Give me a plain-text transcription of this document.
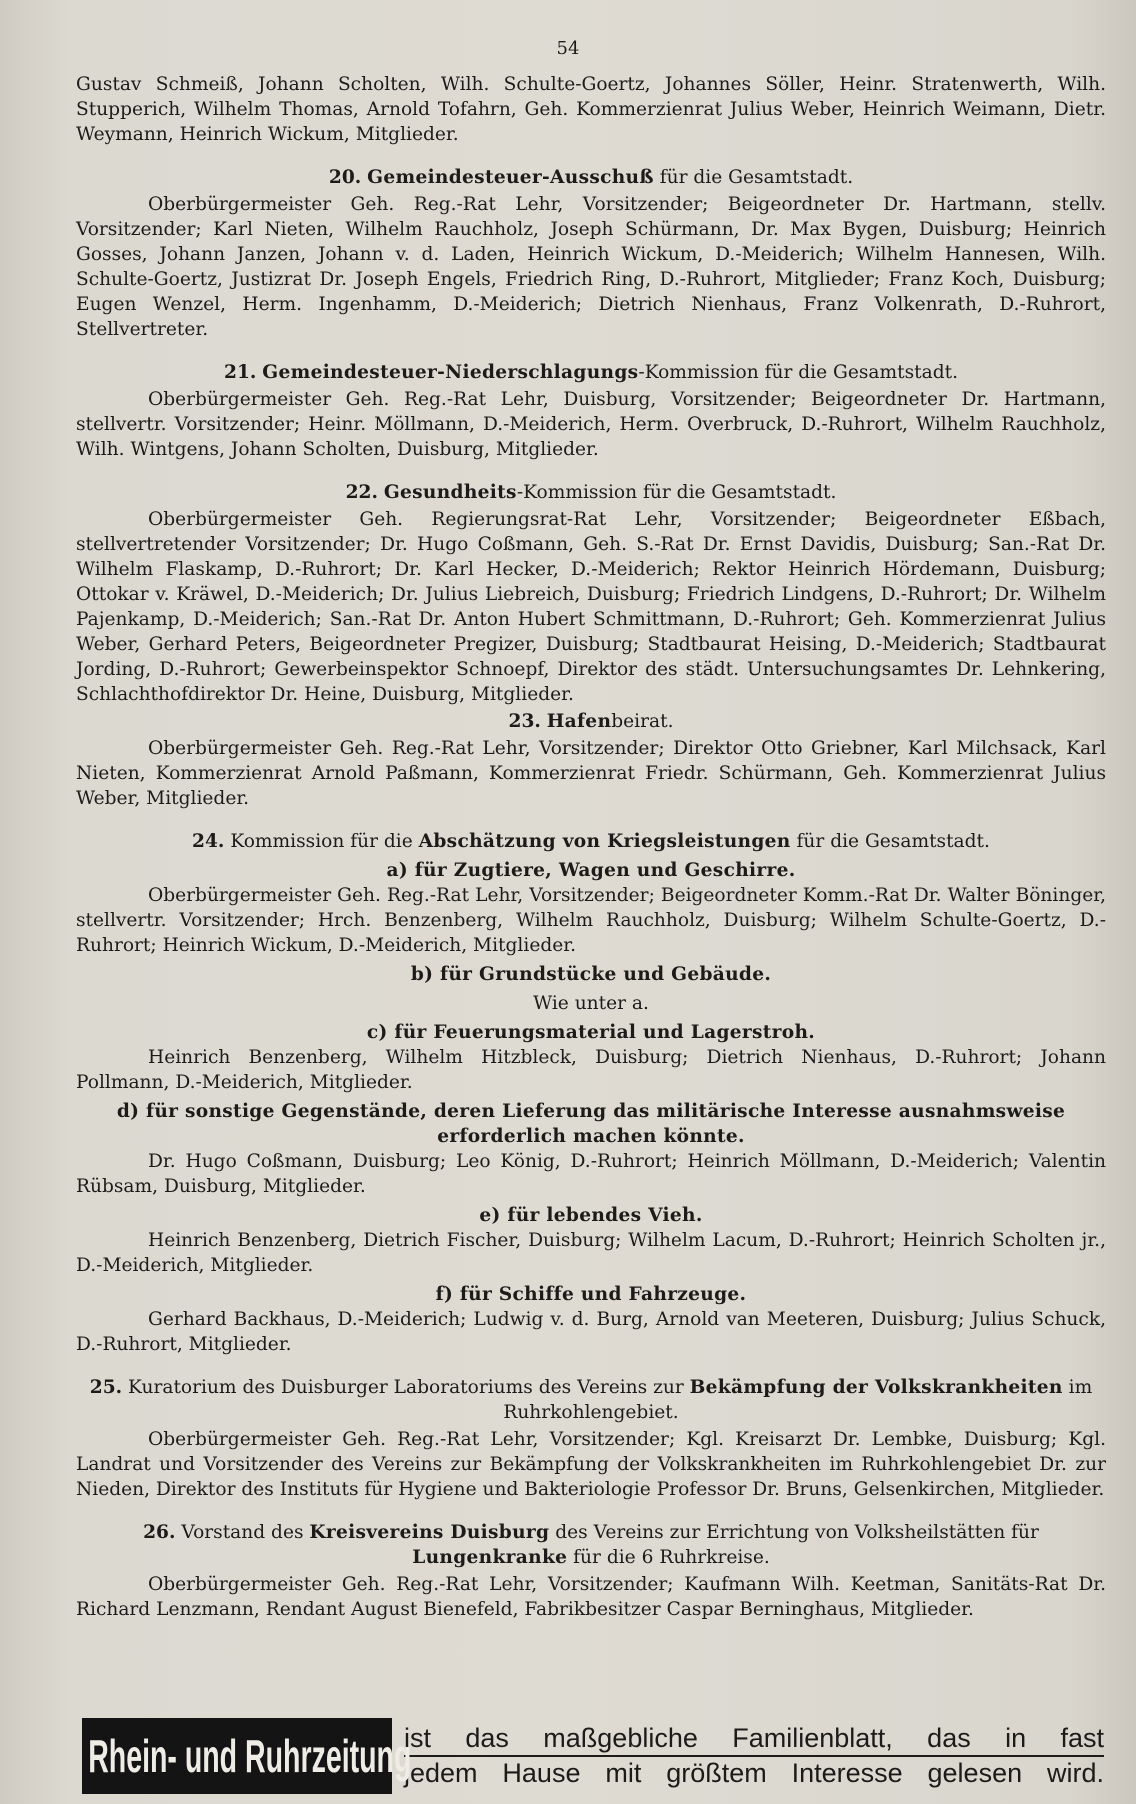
54

Gustav Schmeiß, Johann Scholten, Wilh. Schulte-Goertz, Johannes Söller, Heinr. Stratenwerth, Wilh. Stupperich, Wilhelm Thomas, Arnold Tofahrn, Geh. Kommerzienrat Julius Weber, Heinrich Weimann, Dietr. Weymann, Heinrich Wickum, Mitglieder.

20. Gemeindesteuer-Ausschuß für die Gesamtstadt.

Oberbürgermeister Geh. Reg.-Rat Lehr, Vorsitzender; Beigeordneter Dr. Hartmann, stellv. Vorsitzender; Karl Nieten, Wilhelm Rauchholz, Joseph Schürmann, Dr. Max Bygen, Duisburg; Heinrich Gosses, Johann Janzen, Johann v. d. Laden, Heinrich Wickum, D.-Meiderich; Wilhelm Hannesen, Wilh. Schulte-Goertz, Justizrat Dr. Joseph Engels, Friedrich Ring, D.-Ruhrort, Mitglieder; Franz Koch, Duisburg; Eugen Wenzel, Herm. Ingenhamm, D.-Meiderich; Dietrich Nienhaus, Franz Volkenrath, D.-Ruhrort, Stellvertreter.

21. Gemeindesteuer-Niederschlagungs-Kommission für die Gesamtstadt.

Oberbürgermeister Geh. Reg.-Rat Lehr, Duisburg, Vorsitzender; Beigeordneter Dr. Hartmann, stellvertr. Vorsitzender; Heinr. Möllmann, D.-Meiderich, Herm. Overbruck, D.-Ruhrort, Wilhelm Rauchholz, Wilh. Wintgens, Johann Scholten, Duisburg, Mitglieder.

22. Gesundheits-Kommission für die Gesamtstadt.

Oberbürgermeister Geh. Regierungsrat-Rat Lehr, Vorsitzender; Beigeordneter Eßbach, stellvertretender Vorsitzender; Dr. Hugo Coßmann, Geh. S.-Rat Dr. Ernst Davidis, Duisburg; San.-Rat Dr. Wilhelm Flaskamp, D.-Ruhrort; Dr. Karl Hecker, D.-Meiderich; Rektor Heinrich Hördemann, Duisburg; Ottokar v. Kräwel, D.-Meiderich; Dr. Julius Liebreich, Duisburg; Friedrich Lindgens, D.-Ruhrort; Dr. Wilhelm Pajenkamp, D.-Meiderich; San.-Rat Dr. Anton Hubert Schmittmann, D.-Ruhrort; Geh. Kommerzienrat Julius Weber, Gerhard Peters, Beigeordneter Pregizer, Duisburg; Stadtbaurat Heising, D.-Meiderich; Stadtbaurat Jording, D.-Ruhrort; Gewerbeinspektor Schnoepf, Direktor des städt. Untersuchungsamtes Dr. Lehnkering, Schlachthofdirektor Dr. Heine, Duisburg, Mitglieder.

23. Hafenbeirat.

Oberbürgermeister Geh. Reg.-Rat Lehr, Vorsitzender; Direktor Otto Griebner, Karl Milchsack, Karl Nieten, Kommerzienrat Arnold Paßmann, Kommerzienrat Friedr. Schürmann, Geh. Kommerzienrat Julius Weber, Mitglieder.

24. Kommission für die Abschätzung von Kriegsleistungen für die Gesamtstadt.
a) für Zugtiere, Wagen und Geschirre.

Oberbürgermeister Geh. Reg.-Rat Lehr, Vorsitzender; Beigeordneter Komm.-Rat Dr. Walter Böninger, stellvertr. Vorsitzender; Hrch. Benzenberg, Wilhelm Rauchholz, Duisburg; Wilhelm Schulte-Goertz, D.-Ruhrort; Heinrich Wickum, D.-Meiderich, Mitglieder.

b) für Grundstücke und Gebäude.
Wie unter a.
c) für Feuerungsmaterial und Lagerstroh.

Heinrich Benzenberg, Wilhelm Hitzbleck, Duisburg; Dietrich Nienhaus, D.-Ruhrort; Johann Pollmann, D.-Meiderich, Mitglieder.

d) für sonstige Gegenstände, deren Lieferung das militärische Interesse ausnahmsweise erforderlich machen könnte.

Dr. Hugo Coßmann, Duisburg; Leo König, D.-Ruhrort; Heinrich Möllmann, D.-Meiderich; Valentin Rübsam, Duisburg, Mitglieder.

e) für lebendes Vieh.

Heinrich Benzenberg, Dietrich Fischer, Duisburg; Wilhelm Lacum, D.-Ruhrort; Heinrich Scholten jr., D.-Meiderich, Mitglieder.

f) für Schiffe und Fahrzeuge.

Gerhard Backhaus, D.-Meiderich; Ludwig v. d. Burg, Arnold van Meeteren, Duisburg; Julius Schuck, D.-Ruhrort, Mitglieder.

25. Kuratorium des Duisburger Laboratoriums des Vereins zur Bekämpfung der Volkskrankheiten im Ruhrkohlengebiet.

Oberbürgermeister Geh. Reg.-Rat Lehr, Vorsitzender; Kgl. Kreisarzt Dr. Lembke, Duisburg; Kgl. Landrat und Vorsitzender des Vereins zur Bekämpfung der Volkskrankheiten im Ruhrkohlengebiet Dr. zur Nieden, Direktor des Instituts für Hygiene und Bakteriologie Professor Dr. Bruns, Gelsenkirchen, Mitglieder.

26. Vorstand des Kreisvereins Duisburg des Vereins zur Errichtung von Volksheilstätten für Lungenkranke für die 6 Ruhrkreise.

Oberbürgermeister Geh. Reg.-Rat Lehr, Vorsitzender; Kaufmann Wilh. Keetman, Sanitäts-Rat Dr. Richard Lenzmann, Rendant August Bienefeld, Fabrikbesitzer Caspar Berninghaus, Mitglieder.

Rhein- und Ruhrzeitung
ist das maßgebliche Familienblatt, das in fast
jedem Hause mit größtem Interesse gelesen wird.
